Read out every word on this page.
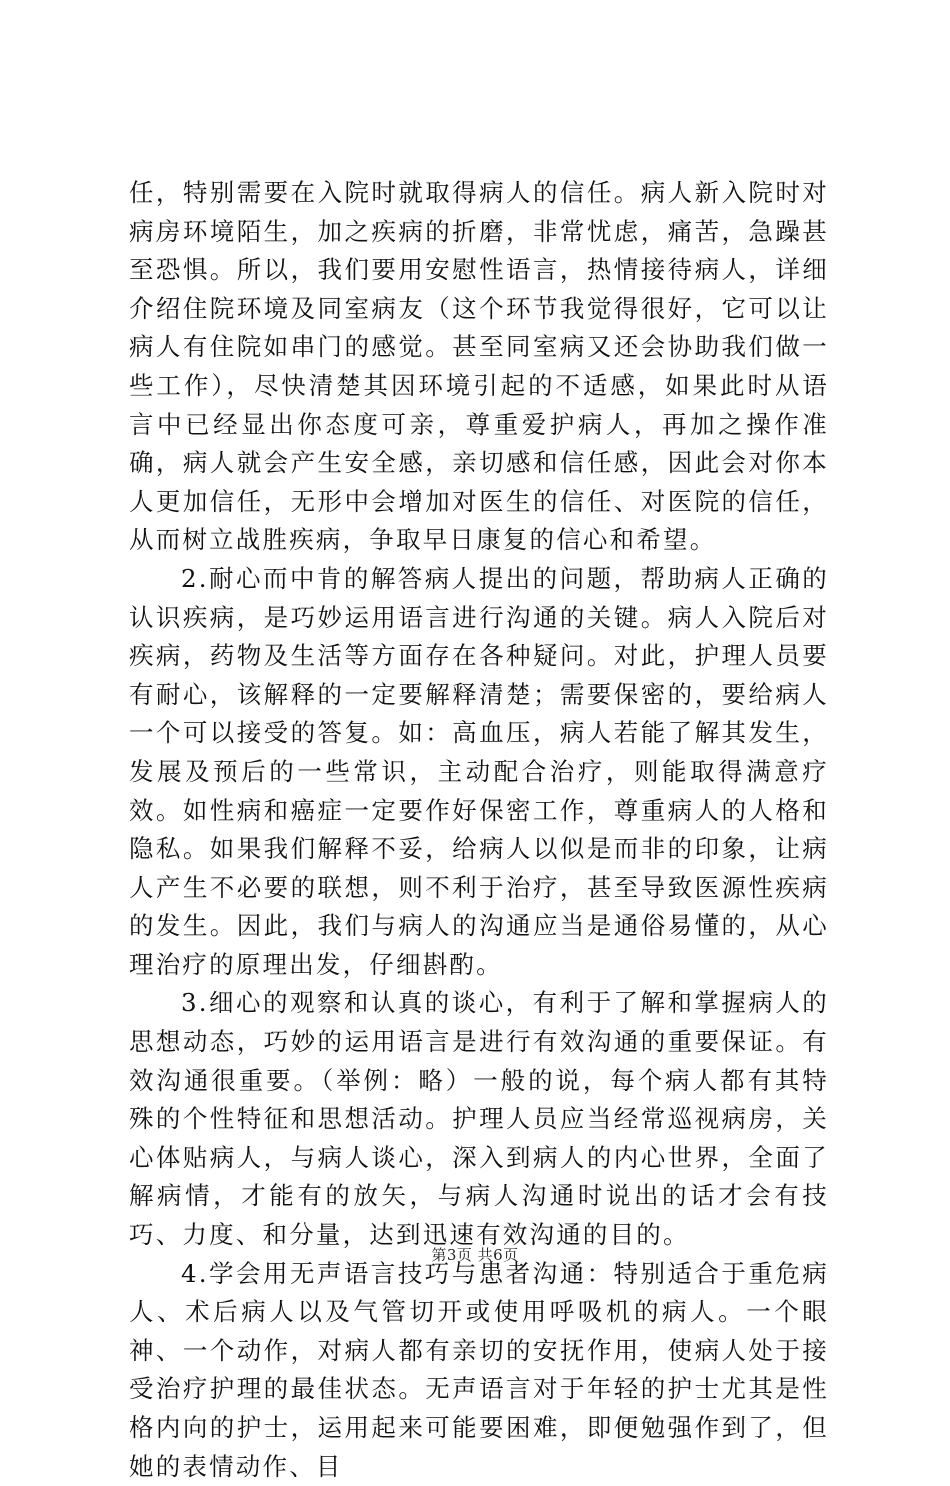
任，特别需要在入院时就取得病人的信任。病人新入院时对病房环境陌生，加之疾病的折磨，非常忧虑，痛苦，急躁甚至恐惧。所以，我们要用安慰性语言，热情接待病人，详细介绍住院环境及同室病友（这个环节我觉得很好，它可以让病人有住院如串门的感觉。甚至同室病又还会协助我们做一些工作），尽快清楚其因环境引起的不适感，如果此时从语言中已经显出你态度可亲，尊重爱护病人，再加之操作准确，病人就会产生安全感，亲切感和信任感，因此会对你本人更加信任，无形中会增加对医生的信任、对医院的信任，从而树立战胜疾病，争取早日康复的信心和希望。

2.耐心而中肯的解答病人提出的问题，帮助病人正确的认识疾病，是巧妙运用语言进行沟通的关键。病人入院后对疾病，药物及生活等方面存在各种疑问。对此，护理人员要有耐心，该解释的一定要解释清楚；需要保密的，要给病人一个可以接受的答复。如：高血压，病人若能了解其发生，发展及预后的一些常识，主动配合治疗，则能取得满意疗效。如性病和癌症一定要作好保密工作，尊重病人的人格和隐私。如果我们解释不妥，给病人以似是而非的印象，让病人产生不必要的联想，则不利于治疗，甚至导致医源性疾病的发生。因此，我们与病人的沟通应当是通俗易懂的，从心理治疗的原理出发，仔细斟酌。

3.细心的观察和认真的谈心，有利于了解和掌握病人的思想动态，巧妙的运用语言是进行有效沟通的重要保证。有效沟通很重要。（举例：略）一般的说，每个病人都有其特殊的个性特征和思想活动。护理人员应当经常巡视病房，关心体贴病人，与病人谈心，深入到病人的内心世界，全面了解病情，才能有的放矢，与病人沟通时说出的话才会有技巧、力度、和分量，达到迅速有效沟通的目的。

4.学会用无声语言技巧与患者沟通：特别适合于重危病人、术后病人以及气管切开或使用呼吸机的病人。一个眼神、一个动作，对病人都有亲切的安抚作用，使病人处于接受治疗护理的最佳状态。无声语言对于年轻的护士尤其是性格内向的护士，运用起来可能要困难，即便勉强作到了，但她的表情动作、目

第3页 共6页
